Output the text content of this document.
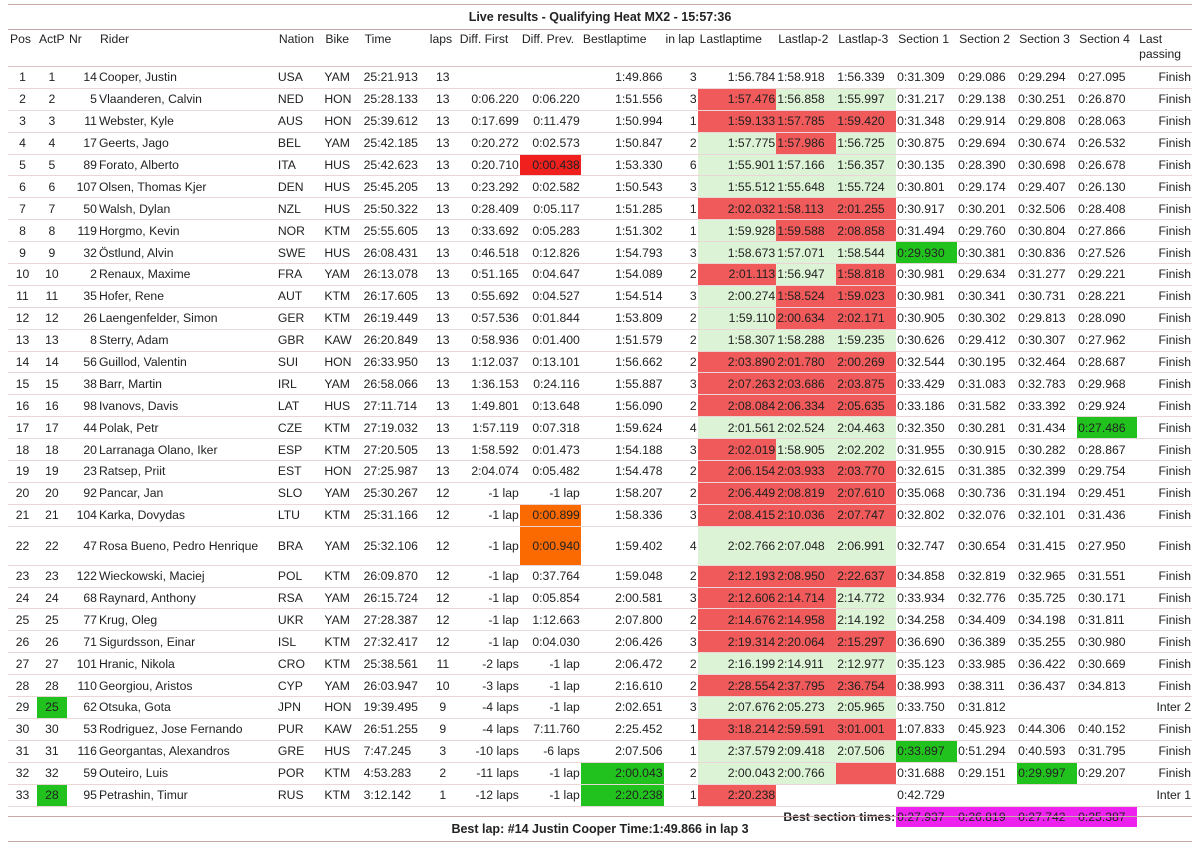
Live results - Qualifying Heat MX2 - 15:57:36
Pos	ActP	Nr	Rider	Nation	Bike	Time	laps	Diff. First	Diff. Prev.	Bestlaptime	in lap	Lastlaptime	Lastlap-2	Lastlap-3	Section 1	Section 2	Section 3	Section 4	Last passing
1	1	14	Cooper, Justin	USA	YAM	25:21.913	13			1:49.866	3	1:56.784	1:58.918	1:56.339	0:31.309	0:29.086	0:29.294	0:27.095	Finish
2	2	5	Vlaanderen, Calvin	NED	HON	25:28.133	13	0:06.220	0:06.220	1:51.556	3	1:57.476	1:56.858	1:55.997	0:31.217	0:29.138	0:30.251	0:26.870	Finish
3	3	11	Webster, Kyle	AUS	HON	25:39.612	13	0:17.699	0:11.479	1:50.994	1	1:59.133	1:57.785	1:59.420	0:31.348	0:29.914	0:29.808	0:28.063	Finish
4	4	17	Geerts, Jago	BEL	YAM	25:42.185	13	0:20.272	0:02.573	1:50.847	2	1:57.775	1:57.986	1:56.725	0:30.875	0:29.694	0:30.674	0:26.532	Finish
5	5	89	Forato, Alberto	ITA	HUS	25:42.623	13	0:20.710	0:00.438	1:53.330	6	1:55.901	1:57.166	1:56.357	0:30.135	0:28.390	0:30.698	0:26.678	Finish
6	6	107	Olsen, Thomas Kjer	DEN	HUS	25:45.205	13	0:23.292	0:02.582	1:50.543	3	1:55.512	1:55.648	1:55.724	0:30.801	0:29.174	0:29.407	0:26.130	Finish
7	7	50	Walsh, Dylan	NZL	HUS	25:50.322	13	0:28.409	0:05.117	1:51.285	1	2:02.032	1:58.113	2:01.255	0:30.917	0:30.201	0:32.506	0:28.408	Finish
8	8	119	Horgmo, Kevin	NOR	KTM	25:55.605	13	0:33.692	0:05.283	1:51.302	1	1:59.928	1:59.588	2:08.858	0:31.494	0:29.760	0:30.804	0:27.866	Finish
9	9	32	Östlund, Alvin	SWE	HUS	26:08.431	13	0:46.518	0:12.826	1:54.793	3	1:58.673	1:57.071	1:58.544	0:29.930	0:30.381	0:30.836	0:27.526	Finish
10	10	2	Renaux, Maxime	FRA	YAM	26:13.078	13	0:51.165	0:04.647	1:54.089	2	2:01.113	1:56.947	1:58.818	0:30.981	0:29.634	0:31.277	0:29.221	Finish
11	11	35	Hofer, Rene	AUT	KTM	26:17.605	13	0:55.692	0:04.527	1:54.514	3	2:00.274	1:58.524	1:59.023	0:30.981	0:30.341	0:30.731	0:28.221	Finish
12	12	26	Laengenfelder, Simon	GER	KTM	26:19.449	13	0:57.536	0:01.844	1:53.809	2	1:59.110	2:00.634	2:02.171	0:30.905	0:30.302	0:29.813	0:28.090	Finish
13	13	8	Sterry, Adam	GBR	KAW	26:20.849	13	0:58.936	0:01.400	1:51.579	2	1:58.307	1:58.288	1:59.235	0:30.626	0:29.412	0:30.307	0:27.962	Finish
14	14	56	Guillod, Valentin	SUI	HON	26:33.950	13	1:12.037	0:13.101	1:56.662	2	2:03.890	2:01.780	2:00.269	0:32.544	0:30.195	0:32.464	0:28.687	Finish
15	15	38	Barr, Martin	IRL	YAM	26:58.066	13	1:36.153	0:24.116	1:55.887	3	2:07.263	2:03.686	2:03.875	0:33.429	0:31.083	0:32.783	0:29.968	Finish
16	16	98	Ivanovs, Davis	LAT	HUS	27:11.714	13	1:49.801	0:13.648	1:56.090	2	2:08.084	2:06.334	2:05.635	0:33.186	0:31.582	0:33.392	0:29.924	Finish
17	17	44	Polak, Petr	CZE	KTM	27:19.032	13	1:57.119	0:07.318	1:59.624	4	2:01.561	2:02.524	2:04.463	0:32.350	0:30.281	0:31.434	0:27.486	Finish
18	18	20	Larranaga Olano, Iker	ESP	KTM	27:20.505	13	1:58.592	0:01.473	1:54.188	3	2:02.019	1:58.905	2:02.202	0:31.955	0:30.915	0:30.282	0:28.867	Finish
19	19	23	Ratsep, Priit	EST	HON	27:25.987	13	2:04.074	0:05.482	1:54.478	2	2:06.154	2:03.933	2:03.770	0:32.615	0:31.385	0:32.399	0:29.754	Finish
20	20	92	Pancar, Jan	SLO	YAM	25:30.267	12	-1 lap	-1 lap	1:58.207	2	2:06.449	2:08.819	2:07.610	0:35.068	0:30.736	0:31.194	0:29.451	Finish
21	21	104	Karka, Dovydas	LTU	KTM	25:31.166	12	-1 lap	0:00.899	1:58.336	3	2:08.415	2:10.036	2:07.747	0:32.802	0:32.076	0:32.101	0:31.436	Finish
22	22	47	Rosa Bueno, Pedro Henrique	BRA	YAM	25:32.106	12	-1 lap	0:00.940	1:59.402	4	2:02.766	2:07.048	2:06.991	0:32.747	0:30.654	0:31.415	0:27.950	Finish
23	23	122	Wieckowski, Maciej	POL	KTM	26:09.870	12	-1 lap	0:37.764	1:59.048	2	2:12.193	2:08.950	2:22.637	0:34.858	0:32.819	0:32.965	0:31.551	Finish
24	24	68	Raynard, Anthony	RSA	YAM	26:15.724	12	-1 lap	0:05.854	2:00.581	3	2:12.606	2:14.714	2:14.772	0:33.934	0:32.776	0:35.725	0:30.171	Finish
25	25	77	Krug, Oleg	UKR	YAM	27:28.387	12	-1 lap	1:12.663	2:07.800	2	2:14.676	2:14.958	2:14.192	0:34.258	0:34.409	0:34.198	0:31.811	Finish
26	26	71	Sigurdsson, Einar	ISL	KTM	27:32.417	12	-1 lap	0:04.030	2:06.426	3	2:19.314	2:20.064	2:15.297	0:36.690	0:36.389	0:35.255	0:30.980	Finish
27	27	101	Hranic, Nikola	CRO	KTM	25:38.561	11	-2 laps	-1 lap	2:06.472	2	2:16.199	2:14.911	2:12.977	0:35.123	0:33.985	0:36.422	0:30.669	Finish
28	28	110	Georgiou, Aristos	CYP	YAM	26:03.947	10	-3 laps	-1 lap	2:16.610	2	2:28.554	2:37.795	2:36.754	0:38.993	0:38.311	0:36.437	0:34.813	Finish
29	25	62	Otsuka, Gota	JPN	HON	19:39.495	9	-4 laps	-1 lap	2:02.651	3	2:07.676	2:05.273	2:05.965	0:33.750	0:31.812			Inter 2
30	30	53	Rodriguez, Jose Fernando	PUR	KAW	26:51.255	9	-4 laps	7:11.760	2:25.452	1	3:18.214	2:59.591	3:01.001	1:07.833	0:45.923	0:44.306	0:40.152	Finish
31	31	116	Georgantas, Alexandros	GRE	HUS	7:47.245	3	-10 laps	-6 laps	2:07.506	1	2:37.579	2:09.418	2:07.506	0:33.897	0:51.294	0:40.593	0:31.795	Finish
32	32	59	Outeiro, Luis	POR	KTM	4:53.283	2	-11 laps	-1 lap	2:00.043	2	2:00.043	2:00.766		0:31.688	0:29.151	0:29.997	0:29.207	Finish
33	28	95	Petrashin, Timur	RUS	KTM	3:12.142	1	-12 laps	-1 lap	2:20.238	1	2:20.238			0:42.729				Inter 1
Best section times:															0:27.937	0:26.819	0:27.742	0:25.387	
Best lap: #14 Justin Cooper Time:1:49.866 in lap 3
